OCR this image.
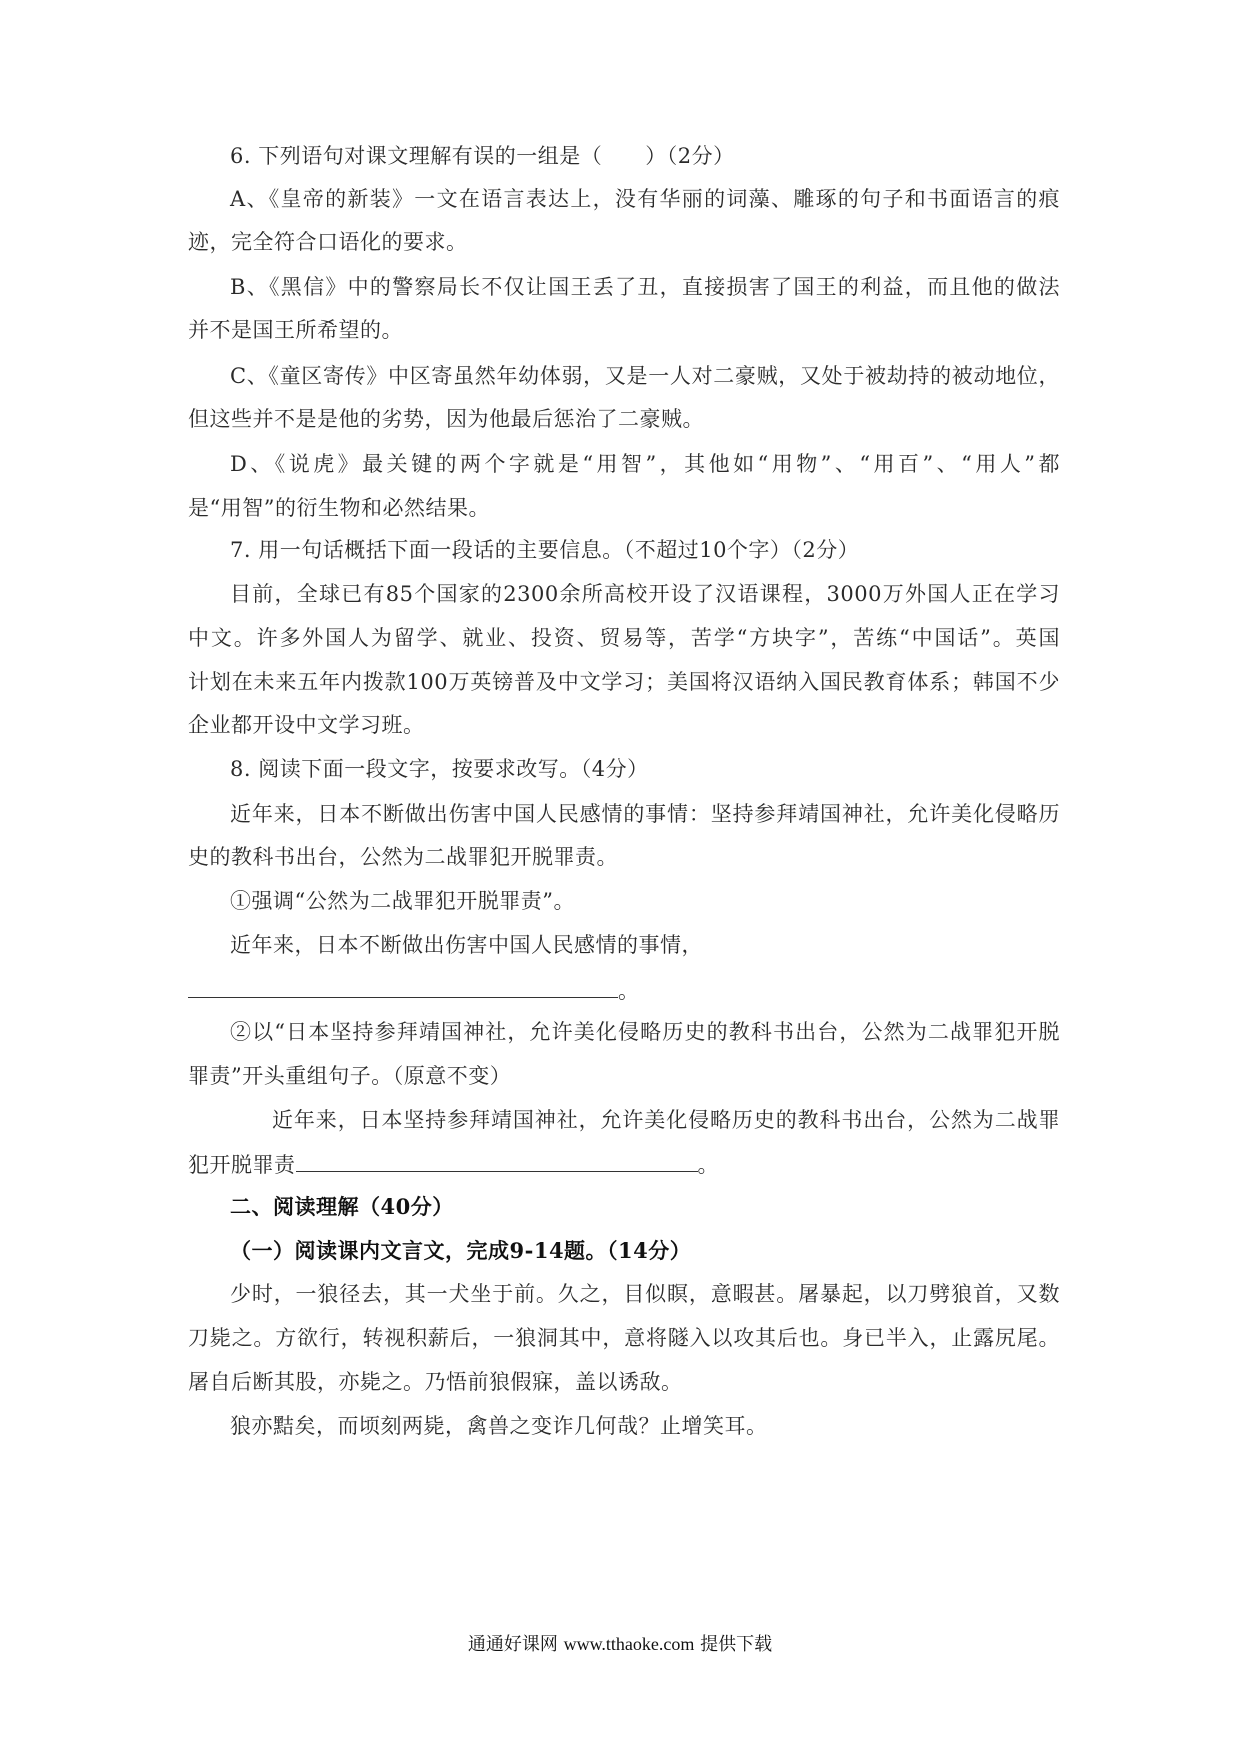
6. 下列语句对课文理解有误的一组是（　　）（2分）
A、《皇帝的新装》一文在语言表达上，没有华丽的词藻、雕琢的句子和书面语言的痕
迹，完全符合口语化的要求。
B、《黑信》中的警察局长不仅让国王丢了丑，直接损害了国王的利益，而且他的做法
并不是国王所希望的。
C、《童区寄传》中区寄虽然年幼体弱，又是一人对二豪贼，又处于被劫持的被动地位，
但这些并不是是他的劣势，因为他最后惩治了二豪贼。
D、《说虎》最关键的两个字就是“用智”，其他如“用物”、“用百”、“用人”都
是“用智”的衍生物和必然结果。
7. 用一句话概括下面一段话的主要信息。（不超过10个字）（2分）
目前，全球已有85个国家的2300余所高校开设了汉语课程，3000万外国人正在学习
中文。许多外国人为留学、就业、投资、贸易等，苦学“方块字”，苦练“中国话”。英国
计划在未来五年内拨款100万英镑普及中文学习；美国将汉语纳入国民教育体系；韩国不少
企业都开设中文学习班。
8. 阅读下面一段文字，按要求改写。（4分）
近年来，日本不断做出伤害中国人民感情的事情：坚持参拜靖国神社，允许美化侵略历
史的教科书出台，公然为二战罪犯开脱罪责。
①强调“公然为二战罪犯开脱罪责”。
近年来，日本不断做出伤害中国人民感情的事情，
。
②以“日本坚持参拜靖国神社，允许美化侵略历史的教科书出台，公然为二战罪犯开脱
罪责”开头重组句子。（原意不变）
近年来，日本坚持参拜靖国神社，允许美化侵略历史的教科书出台，公然为二战罪
犯开脱罪责	。
二、阅读理解（40分）
（一）阅读课内文言文，完成9-14题。（14分）
少时，一狼径去，其一犬坐于前。久之，目似瞑，意暇甚。屠暴起，以刀劈狼首，又数
刀毙之。方欲行，转视积薪后，一狼洞其中，意将隧入以攻其后也。身已半入，止露尻尾。
屠自后断其股，亦毙之。乃悟前狼假寐，盖以诱敌。
狼亦黠矣，而顷刻两毙，禽兽之变诈几何哉？止增笑耳。
通通好课网 www.tthaoke.com 提供下载
